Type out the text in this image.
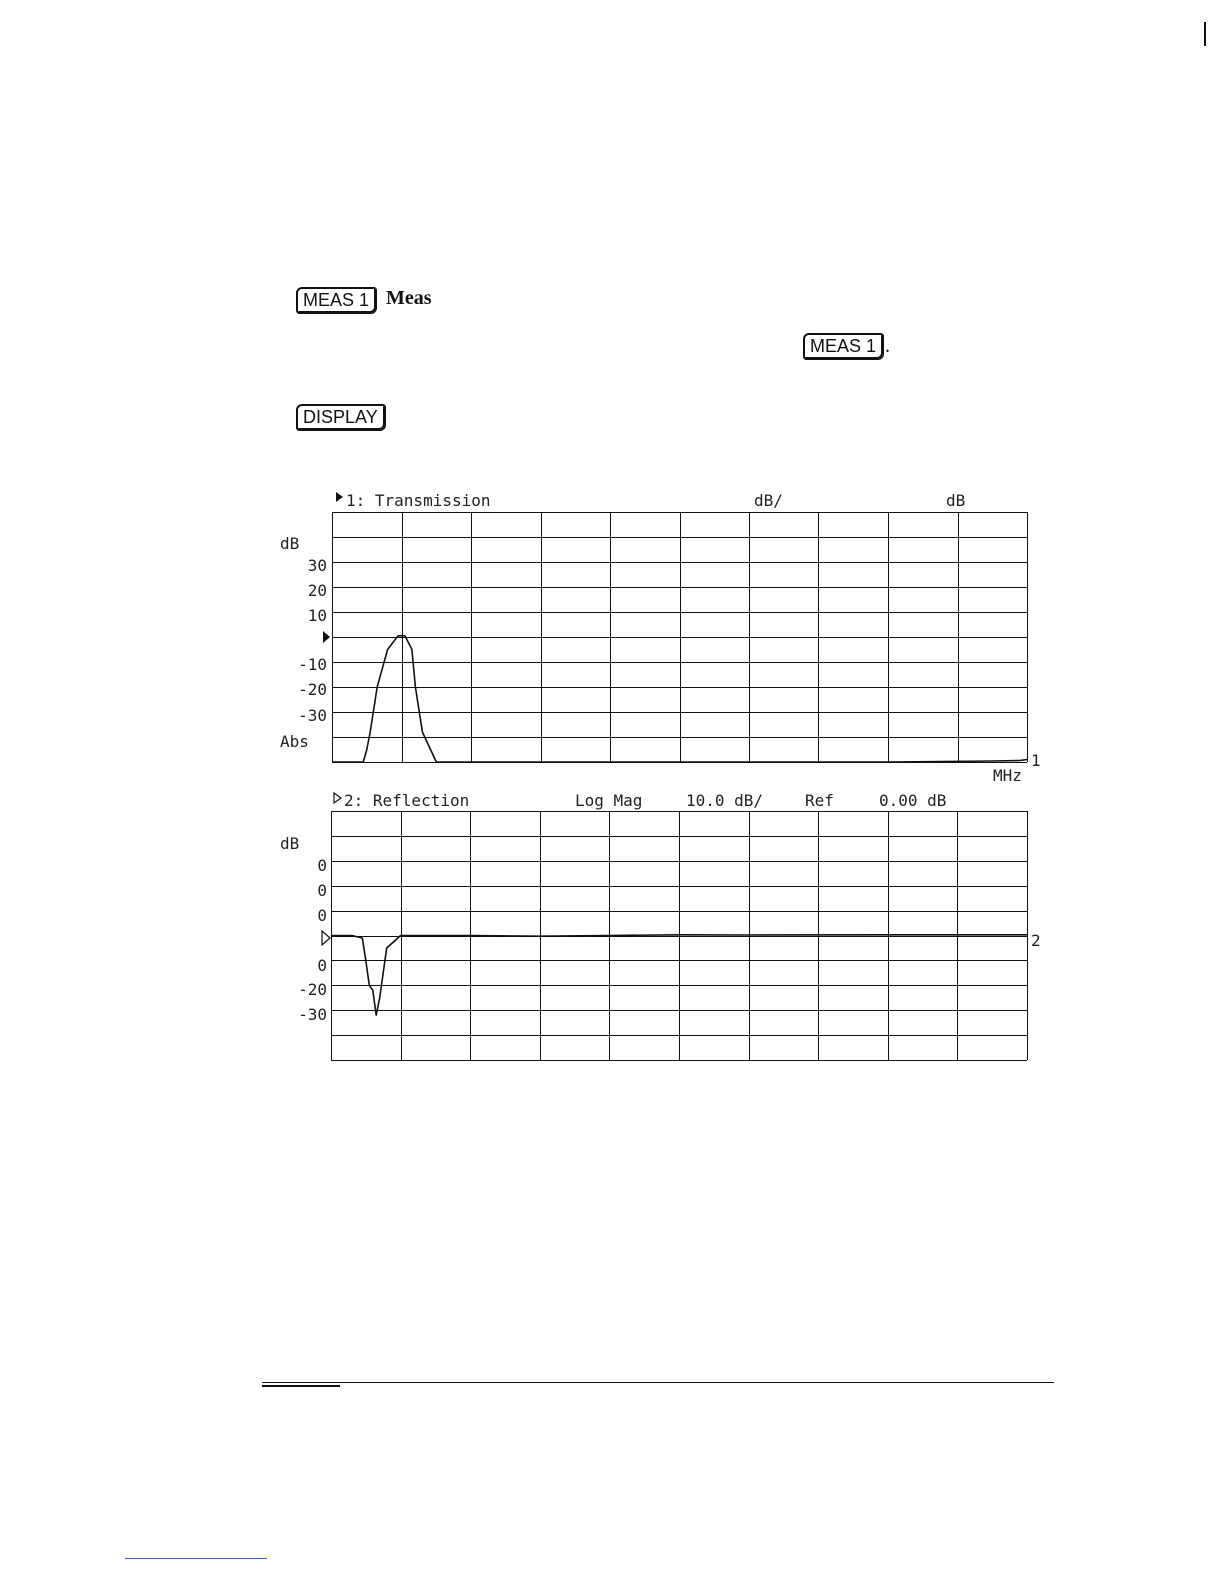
MEAS 1 Meas
MEAS 1 .
DISPLAY
1: Transmission	dB/	dB
dB
30
20
10
-10
-20
-30
Abs
1
MHz
2: Reflection	Log Mag	10.0 dB/	Ref	0.00 dB
dB
0
0
0
0
-20
-30
2
